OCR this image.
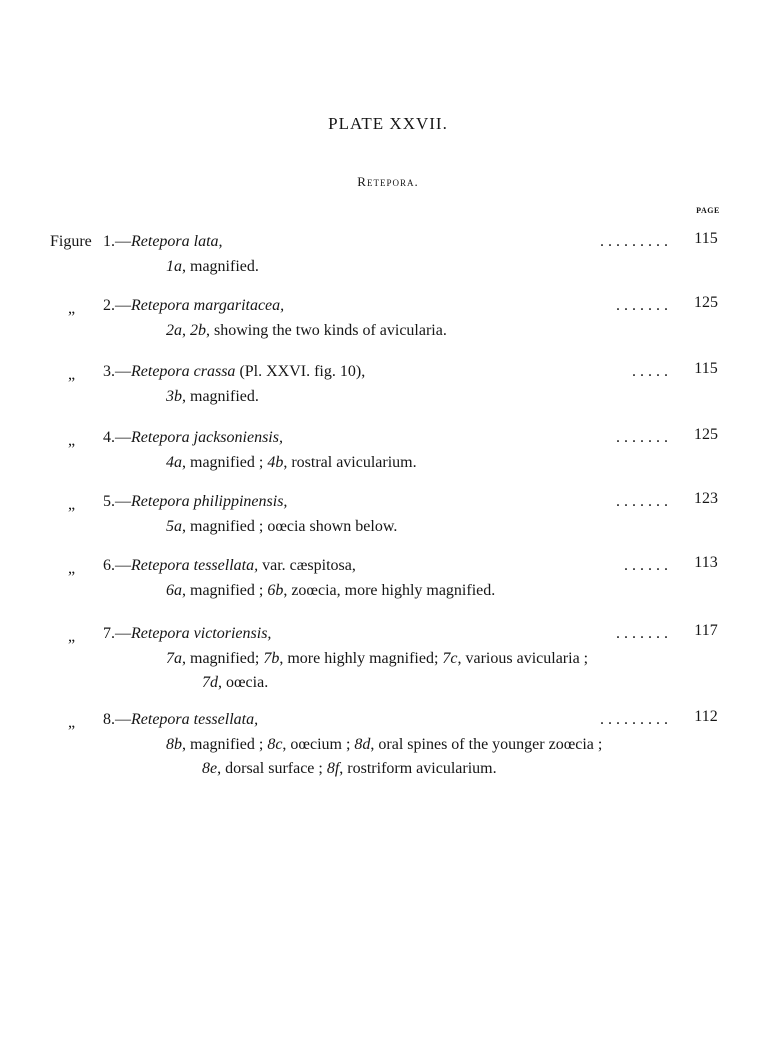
PLATE XXVII.
Retepora.
PAGE
Figure 1.—Retepora lata,	. . . . . . . . . 115
1a, magnified.
„ 2.—Retepora margaritacea,	. . . . . . . 125
2a, 2b, showing the two kinds of avicularia.
„ 3.—Retepora crassa (Pl. XXVI. fig. 10),	. . . . . 115
3b, magnified.
„ 4.—Retepora jacksoniensis,	. . . . . . . 125
4a, magnified ; 4b, rostral avicularium.
„ 5.—Retepora philippinensis,	. . . . . . . 123
5a, magnified ; oœcia shown below.
„ 6.—Retepora tessellata, var. cæspitosa,	. . . . . . 113
6a, magnified ; 6b, zoœcia, more highly magnified.
„ 7.—Retepora victoriensis,	. . . . . . . 117
7a, magnified; 7b, more highly magnified; 7c, various avicularia ;
7d, oœcia.
„ 8.—Retepora tessellata,	. . . . . . . . . 112
8b, magnified ; 8c, oœcium ; 8d, oral spines of the younger zoœcia ;
8e, dorsal surface ; 8f, rostriform avicularium.
